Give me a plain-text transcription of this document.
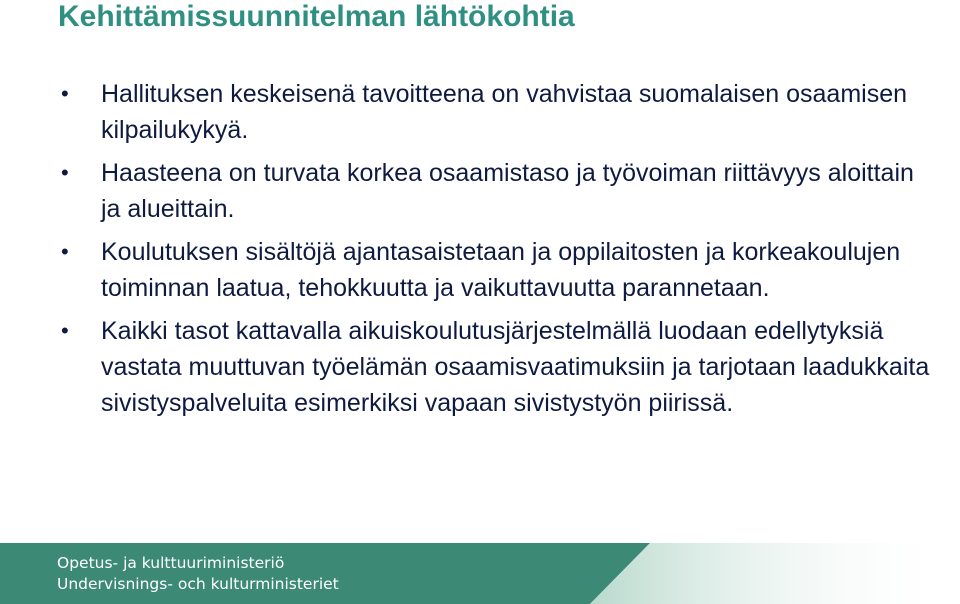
Kehittämissuunnitelman lähtökohtia
• Hallituksen keskeisenä tavoitteena on vahvistaa suomalaisen osaamisen kilpailukykyä.
• Haasteena on turvata korkea osaamistaso ja työvoiman riittävyys aloittain ja alueittain.
• Koulutuksen sisältöjä ajantasaistetaan ja oppilaitosten ja korkeakoulujen toiminnan laatua, tehokkuutta ja vaikuttavuutta parannetaan.
• Kaikki tasot kattavalla aikuiskoulutusjärjestelmällä luodaan edellytyksiä vastata muuttuvan työelämän osaamisvaatimuksiin ja tarjotaan laadukkaita sivistyspalveluita esimerkiksi vapaan sivistystyön piirissä.
Opetus- ja kulttuuriministeriö
Undervisnings- och kulturministeriet
